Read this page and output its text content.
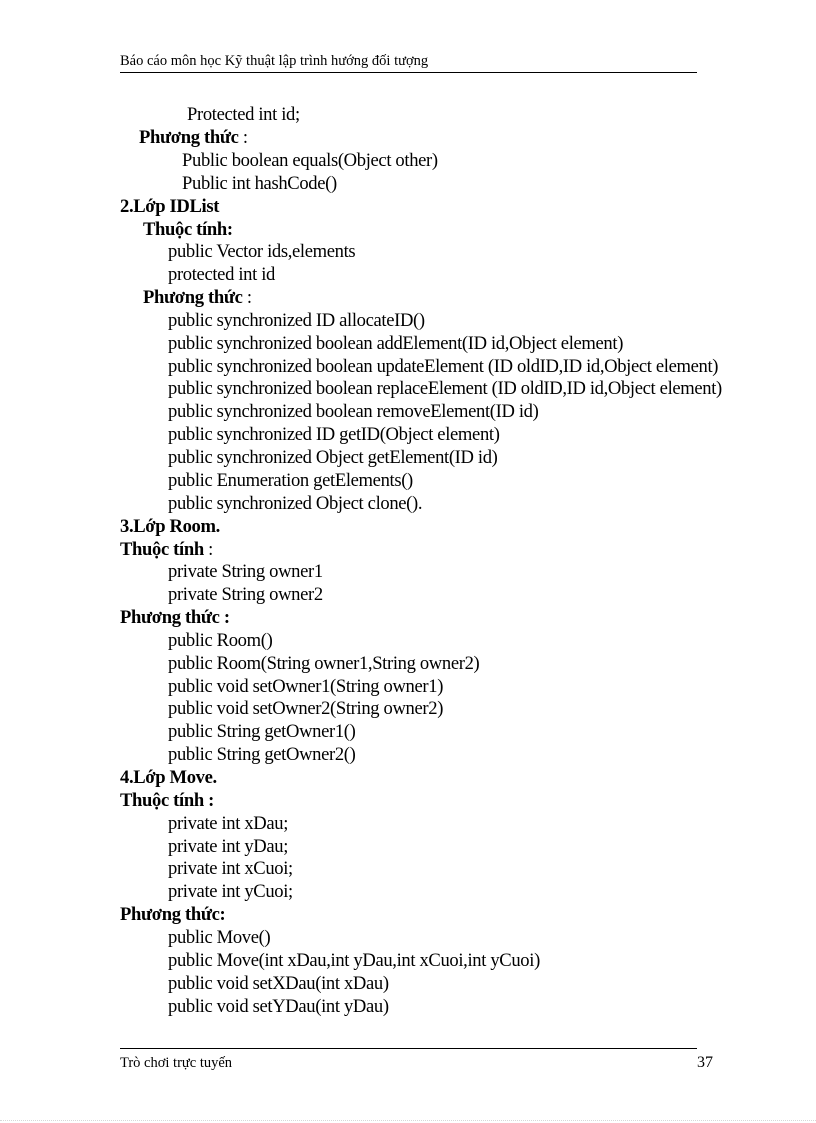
Báo cáo môn học Kỹ thuật lập trình hướng đối tượng
Protected int id;
Phương thức :
Public boolean equals(Object other)
Public int hashCode()
2.Lớp IDList
Thuộc tính:
public Vector ids,elements
protected int id
Phương thức :
public synchronized ID allocateID()
public synchronized boolean addElement(ID id,Object element)
public synchronized boolean updateElement (ID oldID,ID id,Object element)
public synchronized boolean replaceElement (ID oldID,ID id,Object element)
public synchronized boolean removeElement(ID id)
public synchronized ID getID(Object element)
public synchronized Object getElement(ID id)
public Enumeration getElements()
public synchronized Object clone().
3.Lớp Room.
Thuộc tính :
private String owner1
private String owner2
Phương thức :
public Room()
public Room(String owner1,String owner2)
public void setOwner1(String owner1)
public void setOwner2(String owner2)
public String getOwner1()
public String getOwner2()
4.Lớp Move.
Thuộc tính :
private int xDau;
private int yDau;
private int xCuoi;
private int yCuoi;
Phương thức:
public Move()
public Move(int xDau,int yDau,int xCuoi,int yCuoi)
public void setXDau(int xDau)
public void setYDau(int yDau)
Trò chơi trực tuyến	37
